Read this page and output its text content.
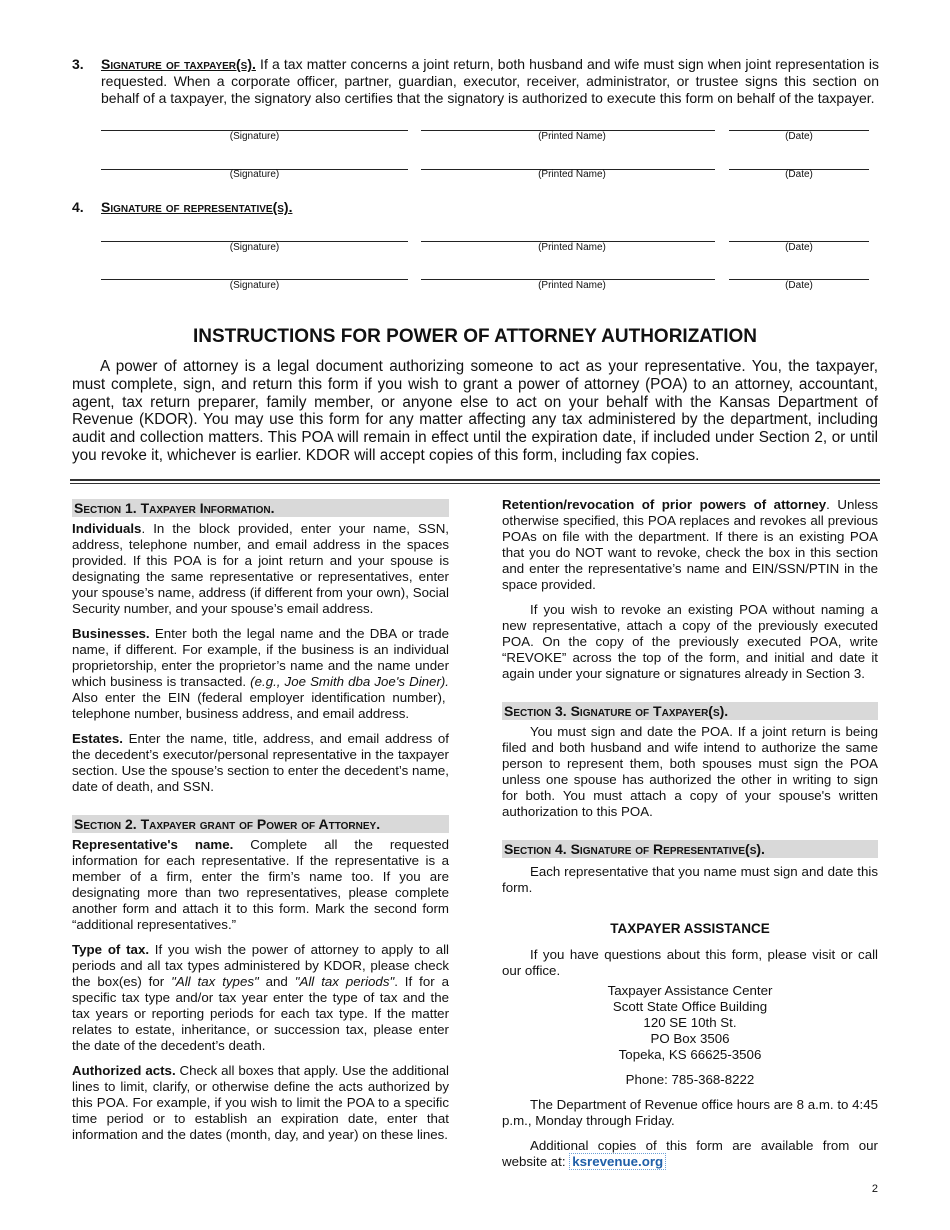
3. Signature of taxpayer(s). If a tax matter concerns a joint return, both husband and wife must sign when joint representation is requested. When a corporate officer, partner, guardian, executor, receiver, administrator, or trustee signs this section on behalf of a taxpayer, the signatory also certifies that the signatory is authorized to execute this form on behalf of the taxpayer.
(Signature)	(Printed Name)	(Date)
(Signature)	(Printed Name)	(Date)
4. Signature of representative(s).
(Signature)	(Printed Name)	(Date)
(Signature)	(Printed Name)	(Date)
INSTRUCTIONS FOR POWER OF ATTORNEY AUTHORIZATION
A power of attorney is a legal document authorizing someone to act as your representative. You, the taxpayer, must complete, sign, and return this form if you wish to grant a power of attorney (POA) to an attorney, accountant, agent, tax return preparer, family member, or anyone else to act on your behalf with the Kansas Department of Revenue (KDOR). You may use this form for any matter affecting any tax administered by the department, including audit and collection matters. This POA will remain in effect until the expiration date, if included under Section 2, or until you revoke it, whichever is earlier. KDOR will accept copies of this form, including fax copies.
Section 1. Taxpayer Information.

Individuals. In the block provided, enter your name, SSN, address, telephone number, and email address in the spaces provided. If this POA is for a joint return and your spouse is designating the same representative or representatives, enter your spouse’s name, address (if different from your own), Social Security number, and your spouse’s email address.

Businesses. Enter both the legal name and the DBA or trade name, if different. For example, if the business is an individual proprietorship, enter the proprietor’s name and the name under which business is transacted. (e.g., Joe Smith dba Joe's Diner). Also enter the EIN (federal employer identification number), telephone number, business address, and email address.

Estates. Enter the name, title, address, and email address of the decedent’s executor/personal representative in the taxpayer section. Use the spouse’s section to enter the decedent’s name, date of death, and SSN.

Section 2. Taxpayer grant of Power of Attorney.

Representative's name. Complete all the requested information for each representative. If the representative is a member of a firm, enter the firm’s name too. If you are designating more than two representatives, please complete another form and attach it to this form. Mark the second form “additional representatives.”

Type of tax. If you wish the power of attorney to apply to all periods and all tax types administered by KDOR, please check the box(es) for "All tax types" and "All tax periods". If for a specific tax type and/or tax year enter the type of tax and the tax years or reporting periods for each tax type. If the matter relates to estate, inheritance, or succession tax, please enter the date of the decedent’s death.

Authorized acts. Check all boxes that apply. Use the additional lines to limit, clarify, or otherwise define the acts authorized by this POA. For example, if you wish to limit the POA to a specific time period or to establish an expiration date, enter that information and the dates (month, day, and year) on these lines.

Retention/revocation of prior powers of attorney. Unless otherwise specified, this POA replaces and revokes all previous POAs on file with the department. If there is an existing POA that you do NOT want to revoke, check the box in this section and enter the representative’s name and EIN/SSN/PTIN in the space provided.

If you wish to revoke an existing POA without naming a new representative, attach a copy of the previously executed POA. On the copy of the previously executed POA, write “REVOKE” across the top of the form, and initial and date it again under your signature or signatures already in Section 3.

Section 3. Signature of Taxpayer(s).

You must sign and date the POA. If a joint return is being filed and both husband and wife intend to authorize the same person to represent them, both spouses must sign the POA unless one spouse has authorized the other in writing to sign for both. You must attach a copy of your spouse's written authorization to this POA.

Section 4. Signature of Representative(s).

Each representative that you name must sign and date this form.

TAXPAYER ASSISTANCE

If you have questions about this form, please visit or call our office.

Taxpayer Assistance Center
Scott State Office Building
120 SE 10th St.
PO Box 3506
Topeka, KS 66625-3506

Phone: 785-368-8222

The Department of Revenue office hours are 8 a.m. to 4:45 p.m., Monday through Friday.

Additional copies of this form are available from our website at: ksrevenue.org

2
